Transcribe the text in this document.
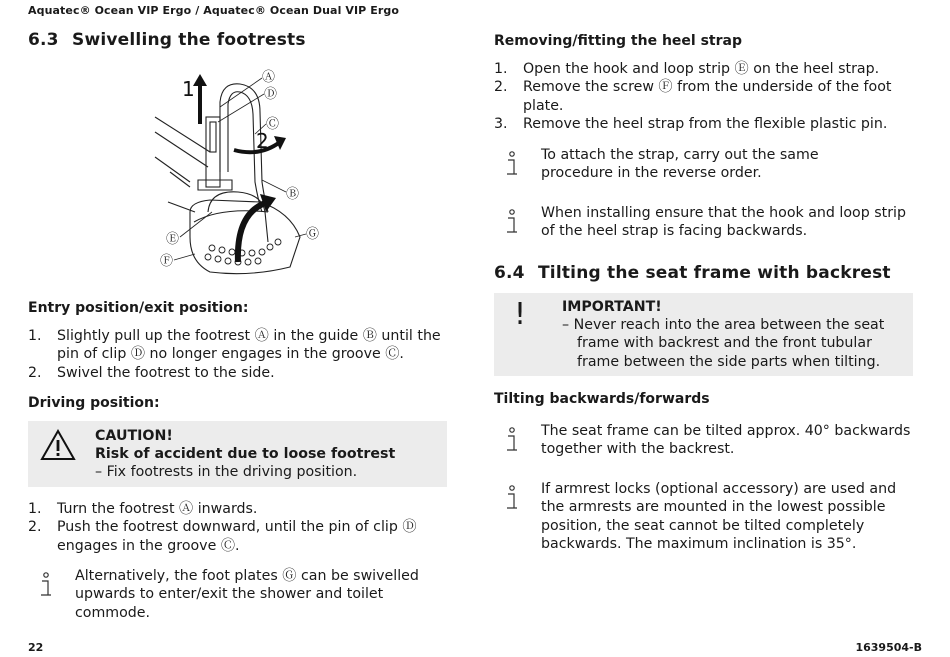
Aquatec® Ocean VIP Ergo / Aquatec® Ocean Dual VIP Ergo
6.3 Swivelling the footrests
1
2
Ⓐ
Ⓓ
Ⓒ
Ⓑ
Ⓖ
Ⓔ
Ⓕ
Entry position/exit position:
1. Slightly pull up the footrest Ⓐ in the guide Ⓑ until the pin of clip Ⓓ no longer engages in the groove Ⓒ.
2. Swivel the footrest to the side.
Driving position:
CAUTION!
Risk of accident due to loose footrest
– Fix footrests in the driving position.
1. Turn the footrest Ⓐ inwards.
2. Push the footrest downward, until the pin of clip Ⓓ engages in the groove Ⓒ.
Alternatively, the foot plates Ⓖ can be swivelled upwards to enter/exit the shower and toilet commode.
Removing/fitting the heel strap
1. Open the hook and loop strip Ⓔ on the heel strap.
2. Remove the screw Ⓕ from the underside of the foot plate.
3. Remove the heel strap from the flexible plastic pin.
To attach the strap, carry out the same procedure in the reverse order.
When installing ensure that the hook and loop strip of the heel strap is facing backwards.
6.4 Tilting the seat frame with backrest
!	IMPORTANT!
– Never reach into the area between the seat frame with backrest and the front tubular frame between the side parts when tilting.
Tilting backwards/forwards
The seat frame can be tilted approx. 40° backwards together with the backrest.
If armrest locks (optional accessory) are used and the armrests are mounted in the lowest possible position, the seat cannot be tilted completely backwards. The maximum inclination is 35°.
22	1639504-B
